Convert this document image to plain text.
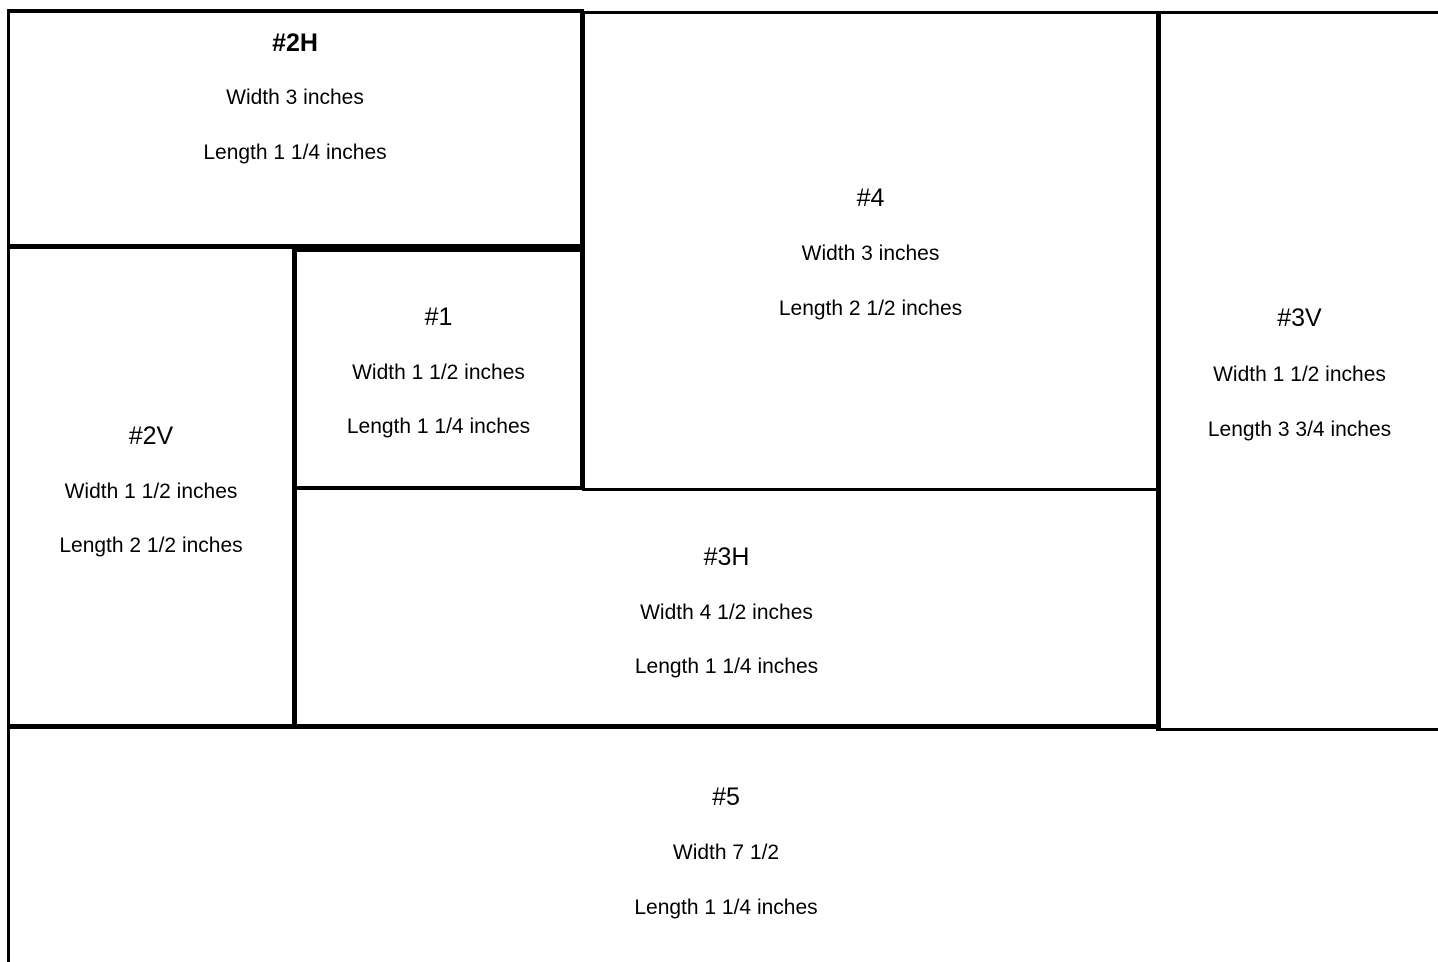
#2H
Width 3 inches
Length 1 1/4 inches
#4
Width 3 inches
Length 2 1/2 inches
#1
Width 1 1/2 inches
Length 1 1/4 inches
#3V
Width 1 1/2 inches
Length 3 3/4 inches
#2V
Width 1 1/2 inches
Length 2 1/2 inches	#3H
Width 4 1/2 inches
Length 1 1/4 inches
#5
Width 7 1/2
Length 1 1/4 inches
